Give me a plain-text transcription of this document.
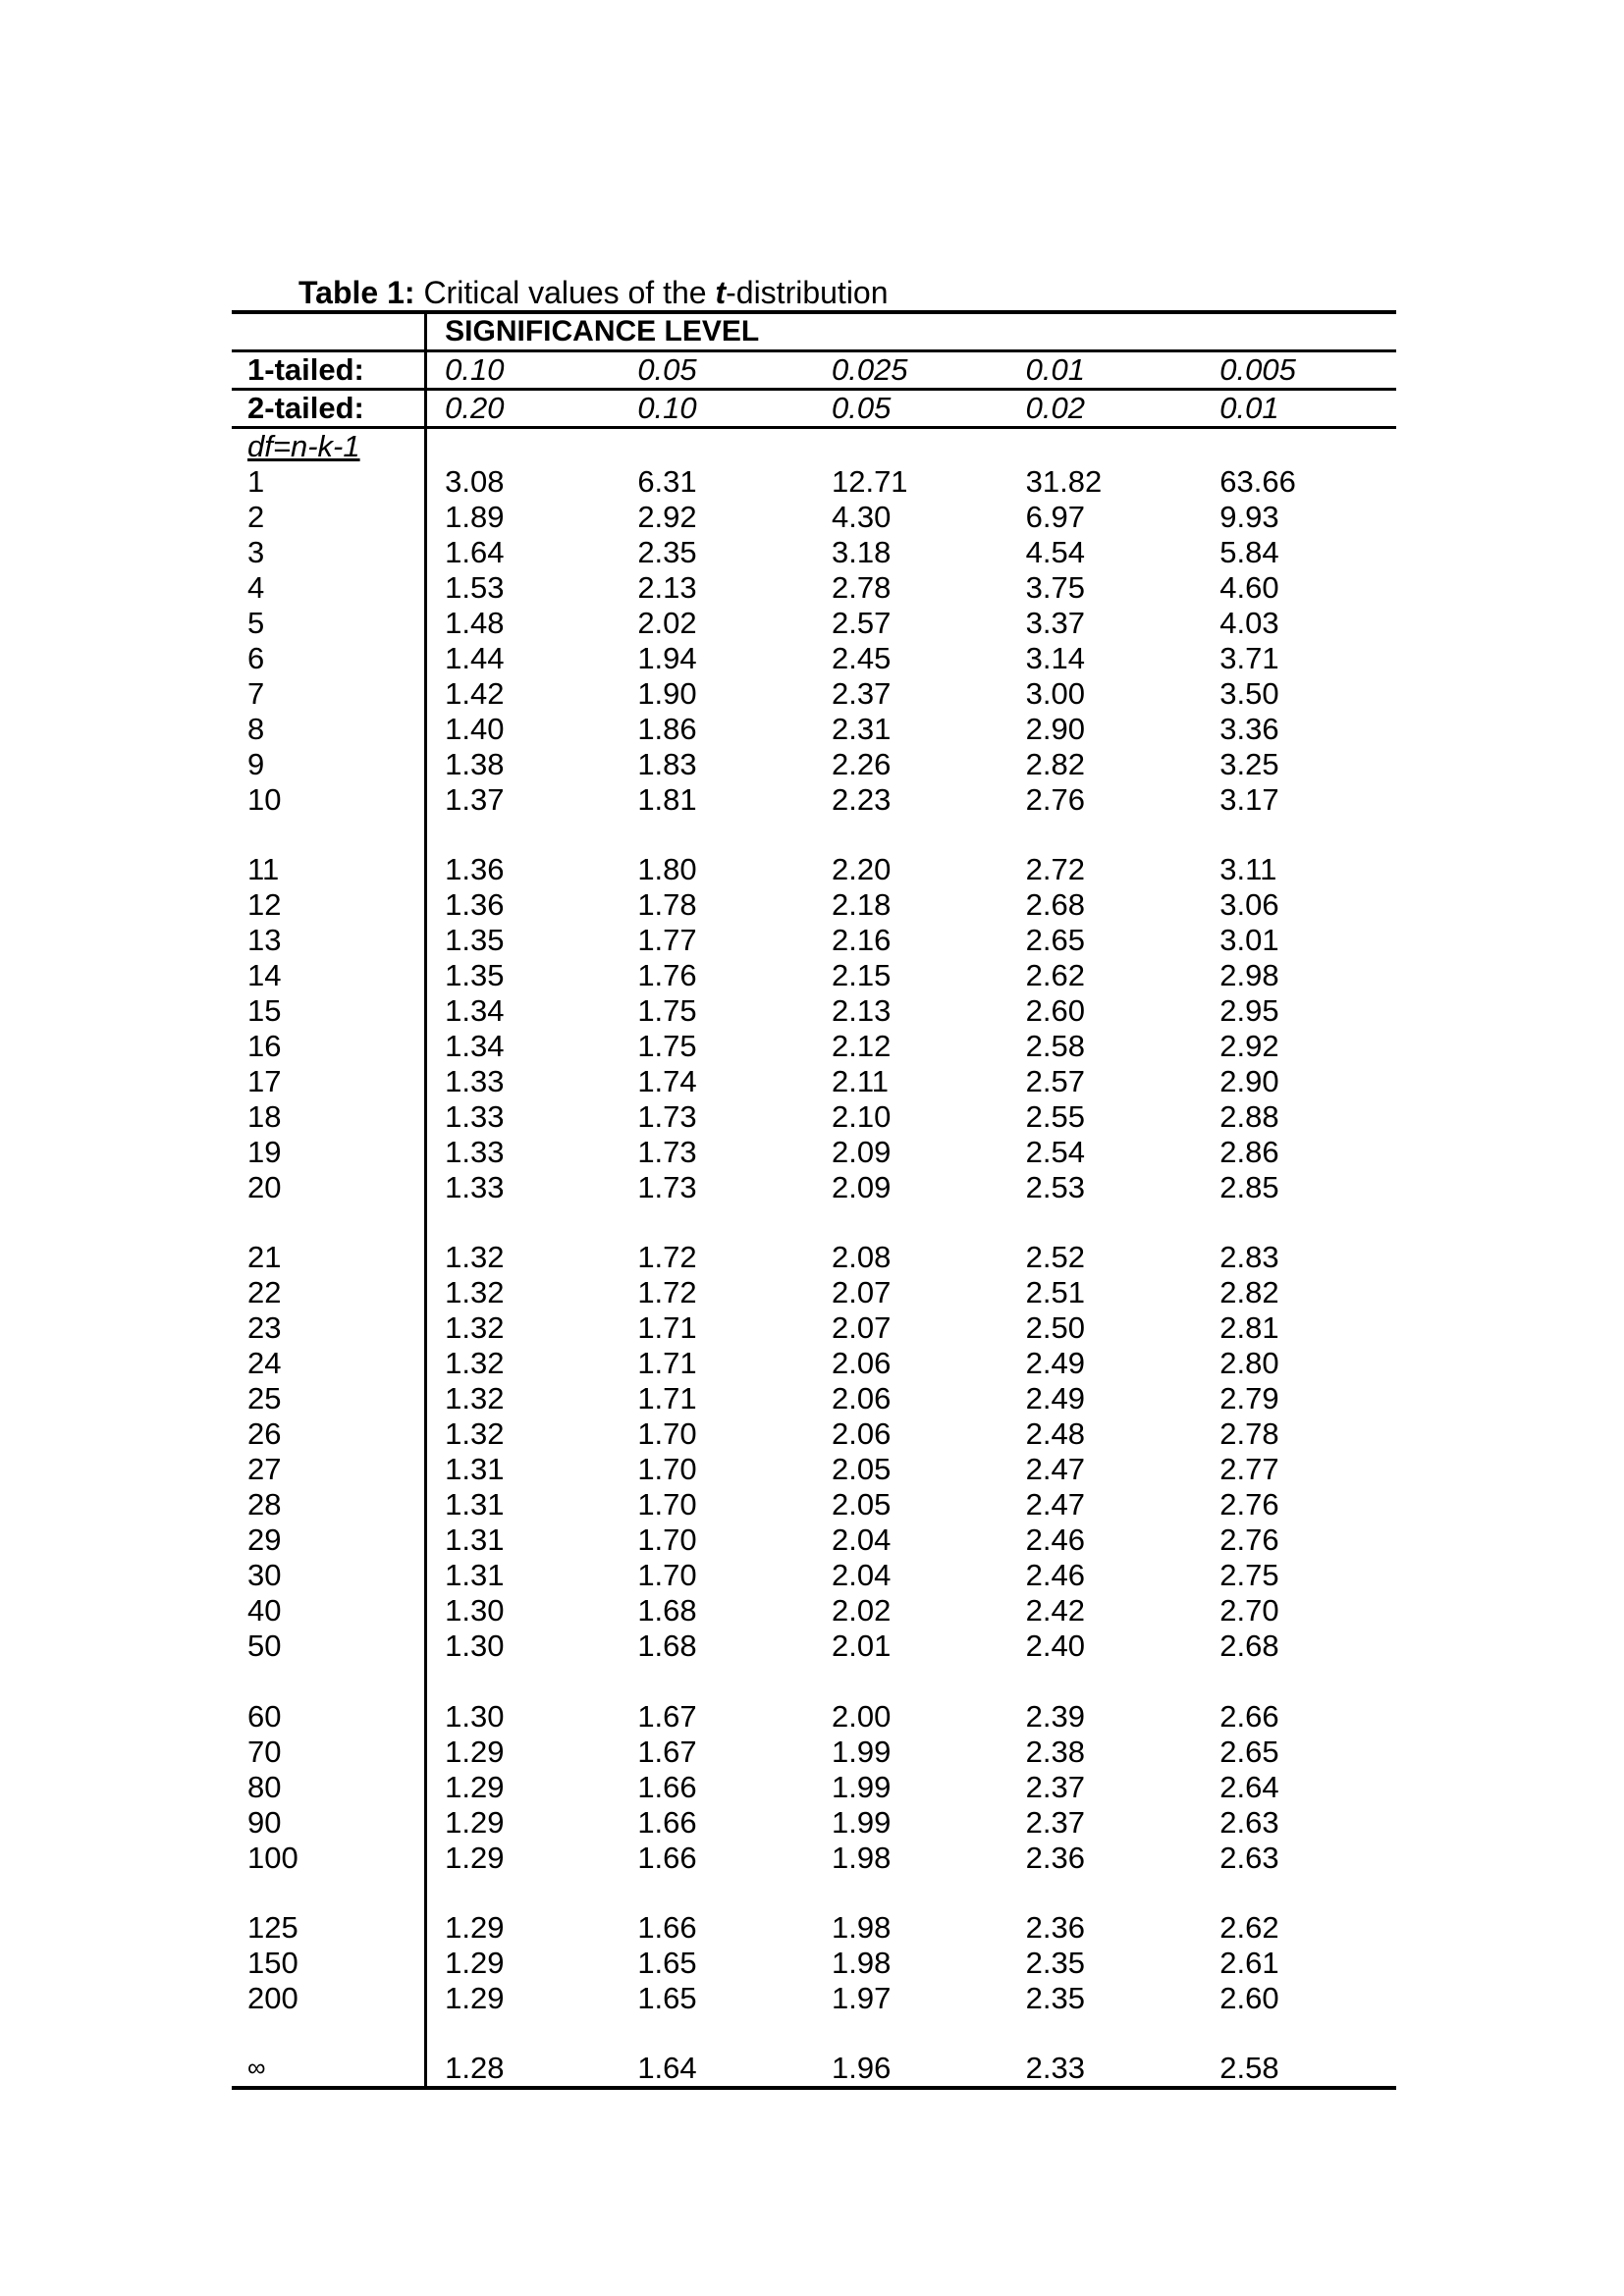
Table 1: Critical values of the t-distribution
	SIGNIFICANCE LEVEL				
1-tailed:	0.10	0.05	0.025	0.01	0.005
2-tailed:	0.20	0.10	0.05	0.02	0.01
df=n-k-1					
1	3.08	6.31	12.71	31.82	63.66
2	1.89	2.92	4.30	6.97	9.93
3	1.64	2.35	3.18	4.54	5.84
4	1.53	2.13	2.78	3.75	4.60
5	1.48	2.02	2.57	3.37	4.03
6	1.44	1.94	2.45	3.14	3.71
7	1.42	1.90	2.37	3.00	3.50
8	1.40	1.86	2.31	2.90	3.36
9	1.38	1.83	2.26	2.82	3.25
10	1.37	1.81	2.23	2.76	3.17

11	1.36	1.80	2.20	2.72	3.11
12	1.36	1.78	2.18	2.68	3.06
13	1.35	1.77	2.16	2.65	3.01
14	1.35	1.76	2.15	2.62	2.98
15	1.34	1.75	2.13	2.60	2.95
16	1.34	1.75	2.12	2.58	2.92
17	1.33	1.74	2.11	2.57	2.90
18	1.33	1.73	2.10	2.55	2.88
19	1.33	1.73	2.09	2.54	2.86
20	1.33	1.73	2.09	2.53	2.85

21	1.32	1.72	2.08	2.52	2.83
22	1.32	1.72	2.07	2.51	2.82
23	1.32	1.71	2.07	2.50	2.81
24	1.32	1.71	2.06	2.49	2.80
25	1.32	1.71	2.06	2.49	2.79
26	1.32	1.70	2.06	2.48	2.78
27	1.31	1.70	2.05	2.47	2.77
28	1.31	1.70	2.05	2.47	2.76
29	1.31	1.70	2.04	2.46	2.76
30	1.31	1.70	2.04	2.46	2.75
40	1.30	1.68	2.02	2.42	2.70
50	1.30	1.68	2.01	2.40	2.68

60	1.30	1.67	2.00	2.39	2.66
70	1.29	1.67	1.99	2.38	2.65
80	1.29	1.66	1.99	2.37	2.64
90	1.29	1.66	1.99	2.37	2.63
100	1.29	1.66	1.98	2.36	2.63

125	1.29	1.66	1.98	2.36	2.62
150	1.29	1.65	1.98	2.35	2.61
200	1.29	1.65	1.97	2.35	2.60

∞	1.28	1.64	1.96	2.33	2.58
